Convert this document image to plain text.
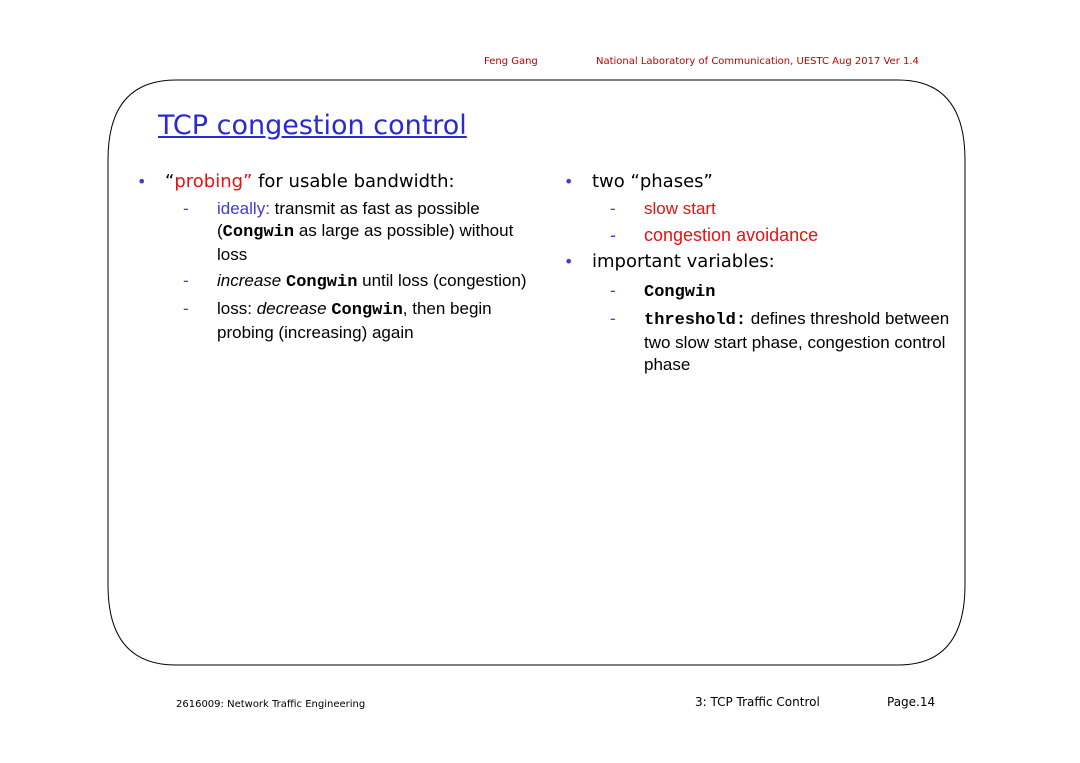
Feng Gang	National Laboratory of Communication, UESTC Aug 2017 Ver 1.4
TCP congestion control
• “probing” for usable bandwidth:
- ideally: transmit as fast as possible (Congwin as large as possible) without loss
- increase Congwin until loss (congestion)
- loss: decrease Congwin, then begin probing (increasing) again
• two “phases”
- slow start
- congestion avoidance
• important variables:
- Congwin
- threshold: defines threshold between two slow start phase, congestion control phase
2616009: Network Traffic Engineering	3: TCP Traffic Control	Page.14
